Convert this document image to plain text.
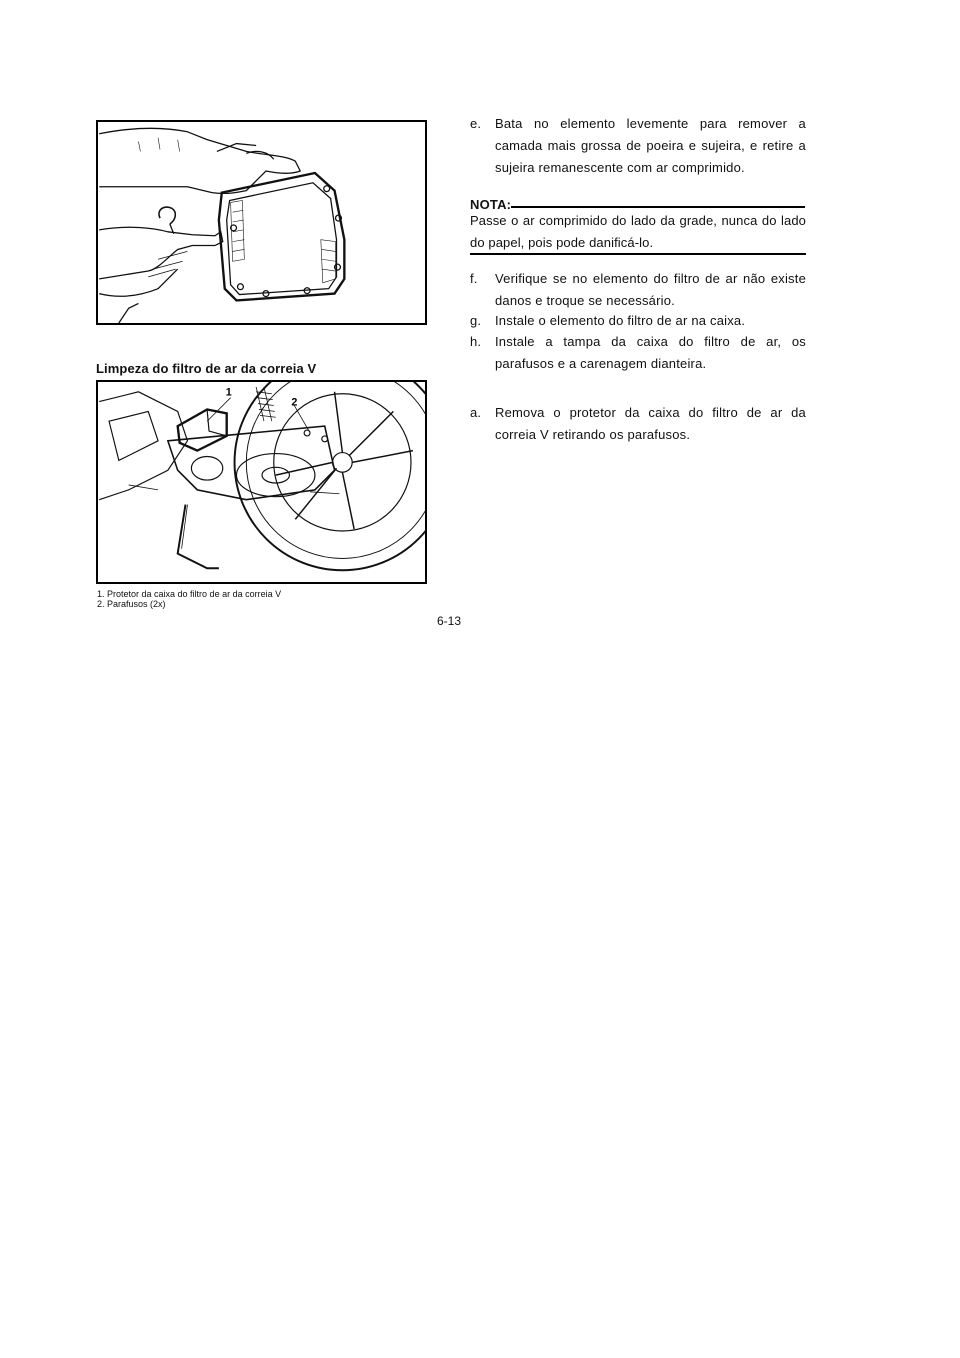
Limpeza do filtro de ar da correia V
1
2
1. Protetor da caixa do filtro de ar da correia V
2. Parafusos (2x)
6-13
e.	Bata no elemento levemente para remover a camada mais grossa de poeira e sujeira, e retire a sujeira remanescente com ar comprimido.
NOTA:
Passe o ar comprimido do lado da grade, nunca do lado do papel, pois pode danificá-lo.
f.	Verifique se no elemento do filtro de ar não existe danos e troque se necessário.
g.	Instale o elemento do filtro de ar na caixa.
h.	Instale a tampa da caixa do filtro de ar, os parafusos e a carenagem dianteira.
a.	Remova o protetor da caixa do filtro de ar da correia V retirando os parafusos.
